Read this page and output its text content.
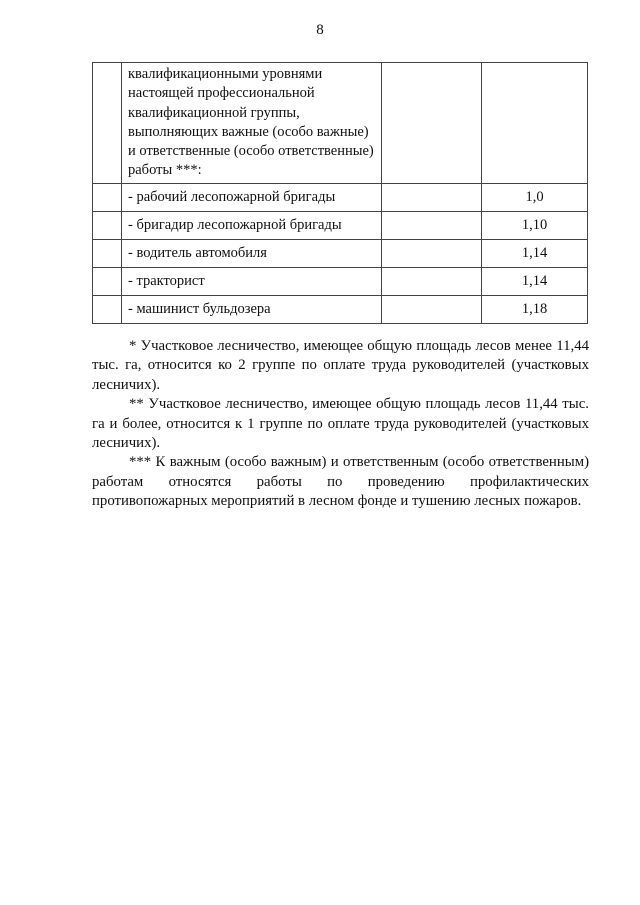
8
	квалификационными уровнями настоящей профессиональной квалификационной группы, выполняющих важные (особо важные) и ответственные (особо ответственные) работы ***:		
	- рабочий лесопожарной бригады		1,0
	- бригадир лесопожарной бригады		1,10
	- водитель автомобиля		1,14
	- тракторист		1,14
	- машинист бульдозера		1,18

* Участковое лесничество, имеющее общую площадь лесов менее 11,44 тыс. га, относится ко 2 группе по оплате труда руководителей (участковых лесничих).

** Участковое лесничество, имеющее общую площадь лесов 11,44 тыс. га и более, относится к 1 группе по оплате труда руководителей (участковых лесничих).

*** К важным (особо важным) и ответственным (особо ответственным) работам относятся работы по проведению профилактических противопожарных мероприятий в лесном фонде и тушению лесных пожаров.
